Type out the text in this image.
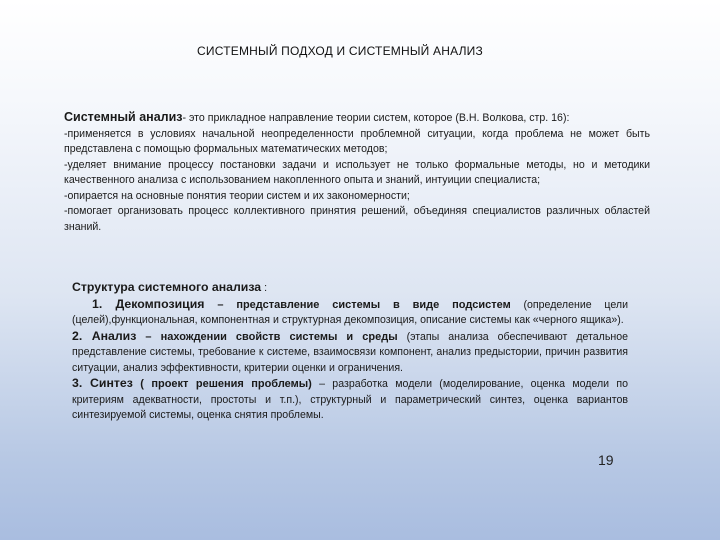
СИСТЕМНЫЙ ПОДХОД И СИСТЕМНЫЙ АНАЛИЗ

Системный анализ- это прикладное направление теории систем, которое (В.Н. Волкова, стр. 16):

-применяется в условиях начальной неопределенности проблемной ситуации, когда проблема не может быть представлена с помощью формальных математических методов;

-уделяет внимание процессу постановки задачи и использует не только формальные методы, но и методики качественного анализа с использованием накопленного опыта и знаний, интуиции специалиста;

-опирается на основные понятия теории систем и их закономерности;

-помогает организовать процесс коллективного принятия решений, объединяя специалистов различных областей знаний.

Структура системного анализа :

1. Декомпозиция – представление системы в виде подсистем (определение цели (целей),функциональная, компонентная и структурная декомпозиция, описание системы как «черного ящика»).

2. Анализ – нахождении свойств системы и среды (этапы анализа обеспечивают детальное представление системы, требование к системе, взаимосвязи компонент, анализ предыстории, причин развития ситуации, анализ эффективности, критерии оценки и ограничения.

3. Синтез ( проект решения проблемы) – разработка модели (моделирование, оценка модели по критериям адекватности, простоты и т.п.), структурный и параметрический синтез, оценка вариантов синтезируемой системы, оценка снятия проблемы.

19
